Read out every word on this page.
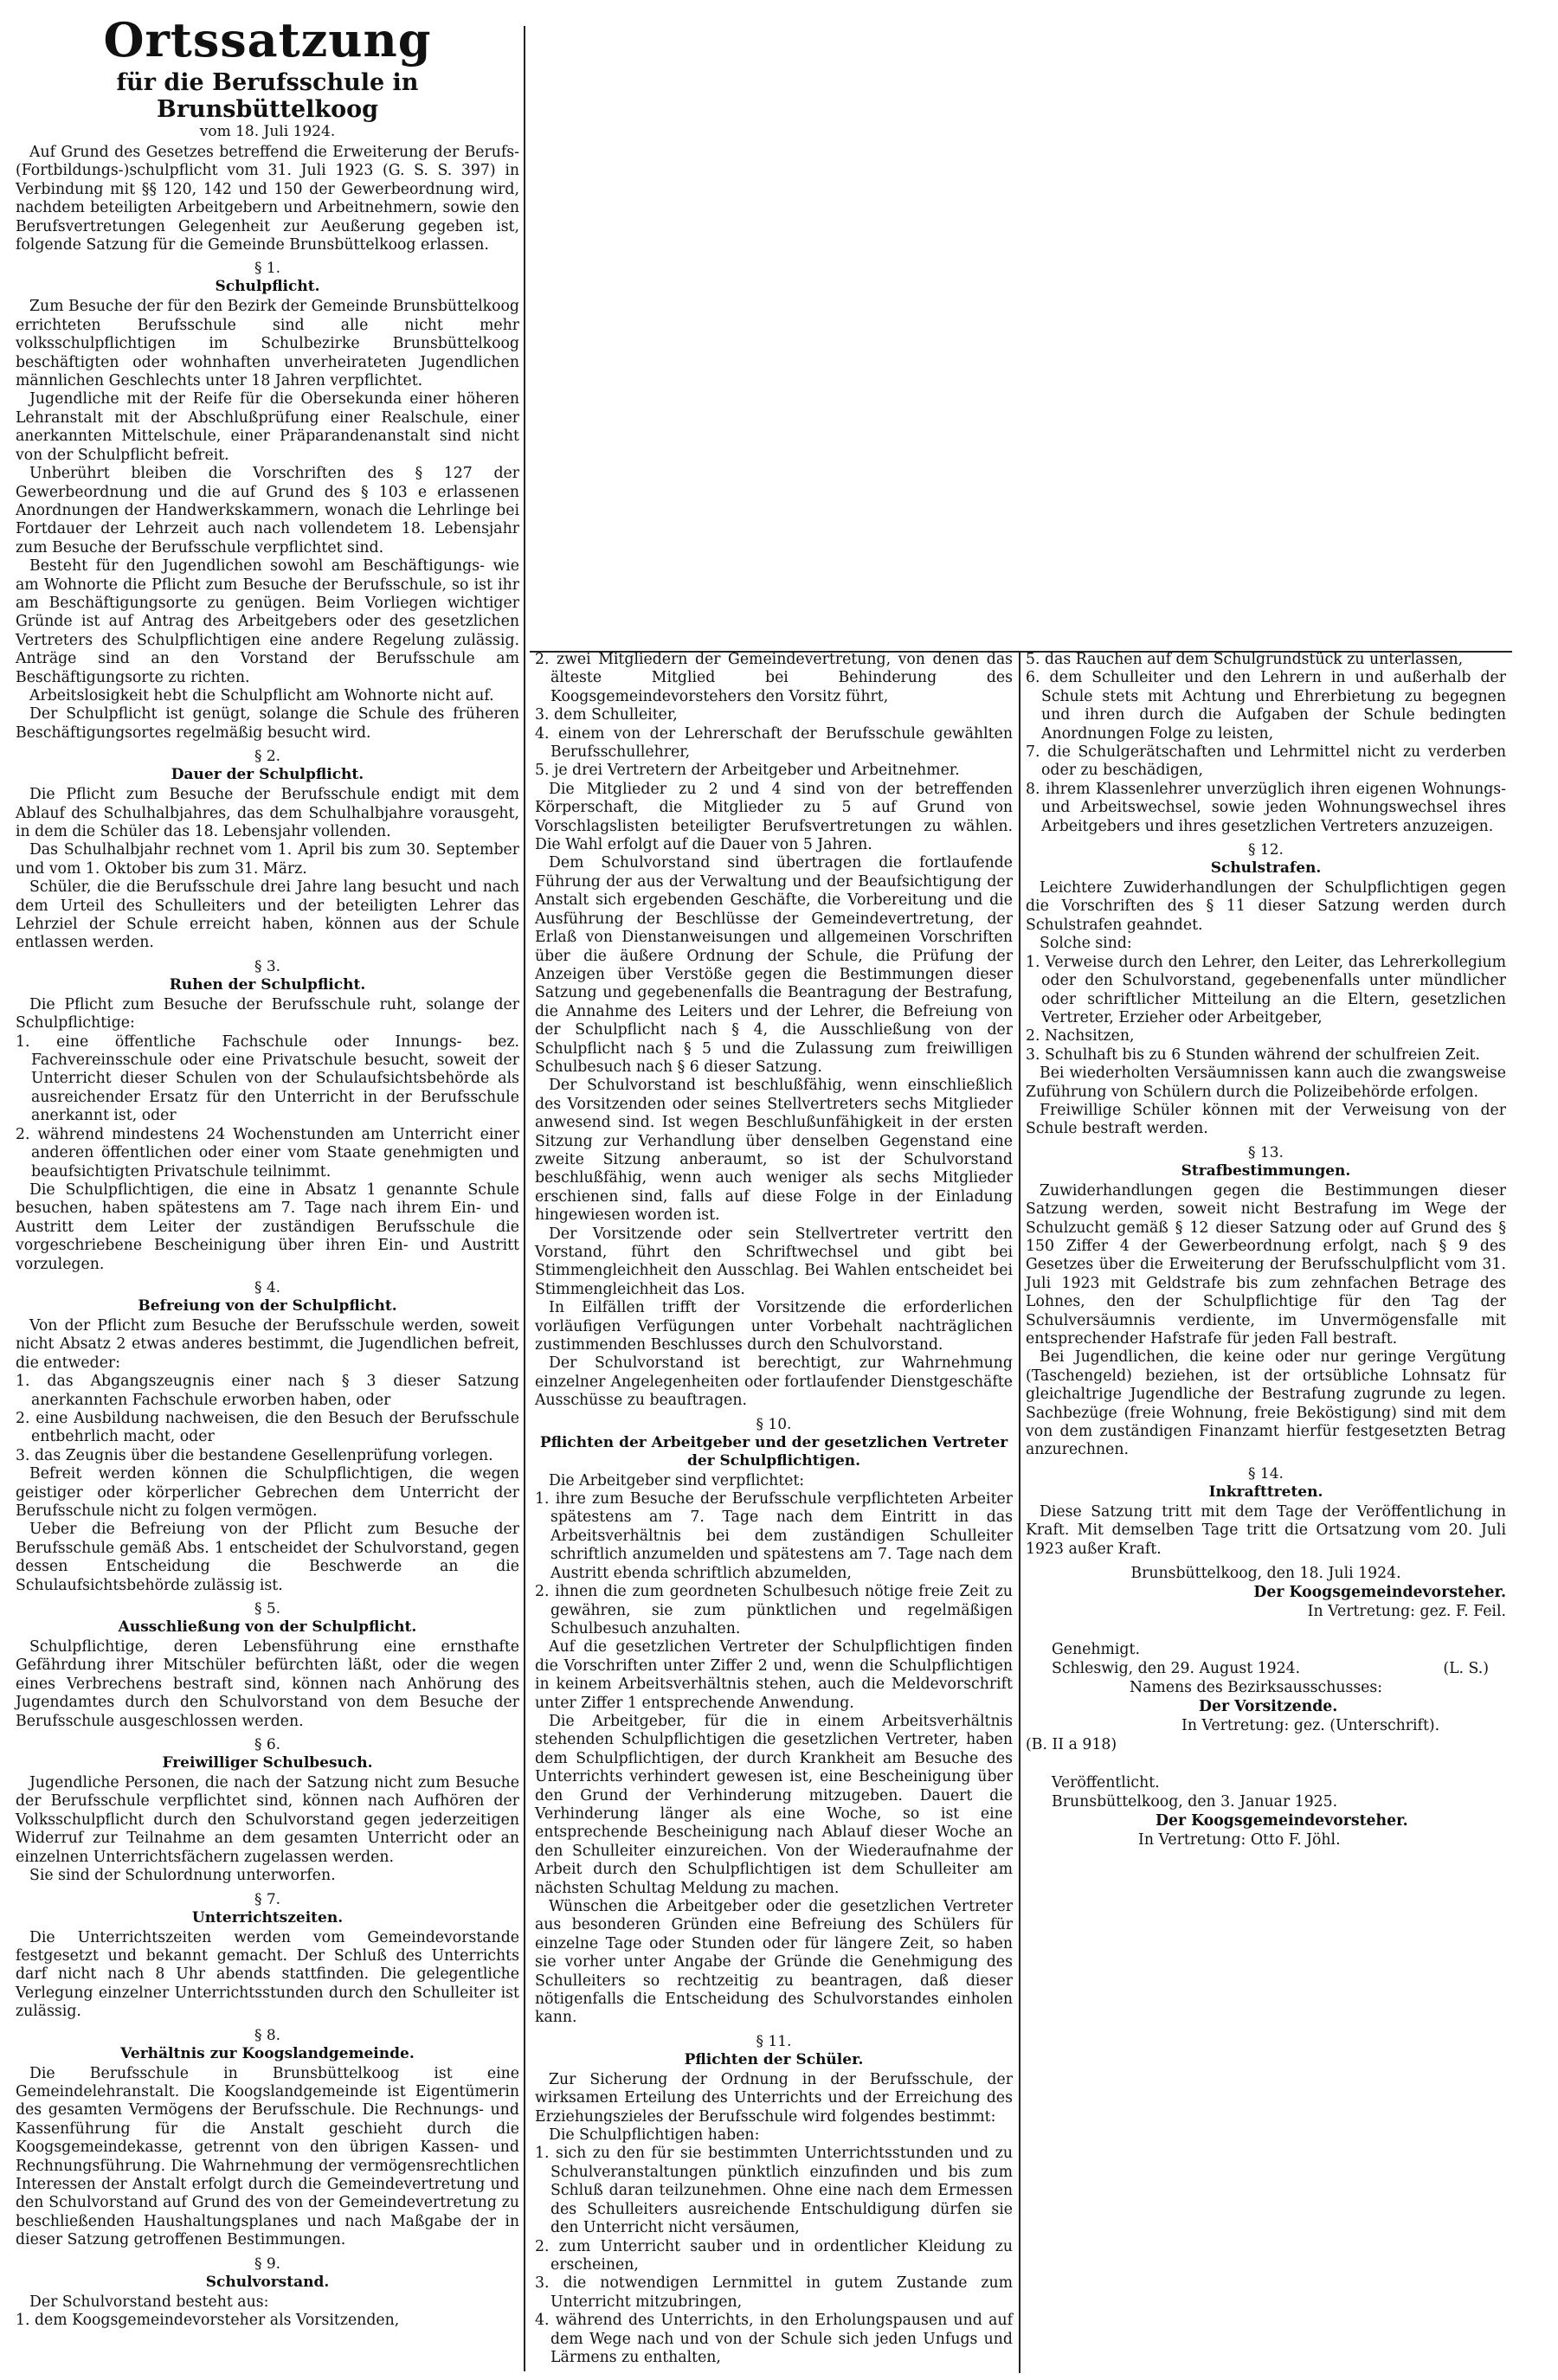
Ortssatzung
für die Berufsschule in Brunsbüttelkoog
vom 18. Juli 1924.

Auf Grund des Gesetzes betreffend die Erweiterung der Berufs-(Fortbildungs-)schulpflicht vom 31. Juli 1923 (G. S. S. 397) in Verbindung mit §§ 120, 142 und 150 der Gewerbeordnung wird, nachdem beteiligten Arbeitgebern und Arbeitnehmern, sowie den Berufsvertretungen Gelegenheit zur Aeußerung gegeben ist, folgende Satzung für die Gemeinde Brunsbüttelkoog erlassen.

§ 1.
Schulpflicht.

Zum Besuche der für den Bezirk der Gemeinde Brunsbüttelkoog errichteten Berufsschule sind alle nicht mehr volksschulpflichtigen im Schulbezirke Brunsbüttelkoog beschäftigten oder wohnhaften unverheirateten Jugendlichen männlichen Geschlechts unter 18 Jahren verpflichtet.

Jugendliche mit der Reife für die Obersekunda einer höheren Lehranstalt mit der Abschlußprüfung einer Realschule, einer anerkannten Mittelschule, einer Präparandenanstalt sind nicht von der Schulpflicht befreit.

Unberührt bleiben die Vorschriften des § 127 der Gewerbeordnung und die auf Grund des § 103 e erlassenen Anordnungen der Handwerkskammern, wonach die Lehrlinge bei Fortdauer der Lehrzeit auch nach vollendetem 18. Lebensjahr zum Besuche der Berufsschule verpflichtet sind.

Besteht für den Jugendlichen sowohl am Beschäftigungs- wie am Wohnorte die Pflicht zum Besuche der Berufsschule, so ist ihr am Beschäftigungsorte zu genügen. Beim Vorliegen wichtiger Gründe ist auf Antrag des Arbeitgebers oder des gesetzlichen Vertreters des Schulpflichtigen eine andere Regelung zulässig. Anträge sind an den Vorstand der Berufsschule am Beschäftigungsorte zu richten.

Arbeitslosigkeit hebt die Schulpflicht am Wohnorte nicht auf.

Der Schulpflicht ist genügt, solange die Schule des früheren Beschäftigungsortes regelmäßig besucht wird.

§ 2.
Dauer der Schulpflicht.

Die Pflicht zum Besuche der Berufsschule endigt mit dem Ablauf des Schulhalbjahres, das dem Schulhalbjahre vorausgeht, in dem die Schüler das 18. Lebensjahr vollenden.

Das Schulhalbjahr rechnet vom 1. April bis zum 30. September und vom 1. Oktober bis zum 31. März.

Schüler, die die Berufsschule drei Jahre lang besucht und nach dem Urteil des Schulleiters und der beteiligten Lehrer das Lehrziel der Schule erreicht haben, können aus der Schule entlassen werden.

§ 3.
Ruhen der Schulpflicht.

Die Pflicht zum Besuche der Berufsschule ruht, solange der Schulpflichtige:

1. eine öffentliche Fachschule oder Innungs- bez. Fachvereinsschule oder eine Privatschule besucht, soweit der Unterricht dieser Schulen von der Schulaufsichtsbehörde als ausreichender Ersatz für den Unterricht in der Berufsschule anerkannt ist, oder

2. während mindestens 24 Wochenstunden am Unterricht einer anderen öffentlichen oder einer vom Staate genehmigten und beaufsichtigten Privatschule teilnimmt.

Die Schulpflichtigen, die eine in Absatz 1 genannte Schule besuchen, haben spätestens am 7. Tage nach ihrem Ein- und Austritt dem Leiter der zuständigen Berufsschule die vorgeschriebene Bescheinigung über ihren Ein- und Austritt vorzulegen.

§ 4.
Befreiung von der Schulpflicht.

Von der Pflicht zum Besuche der Berufsschule werden, soweit nicht Absatz 2 etwas anderes bestimmt, die Jugendlichen befreit, die entweder:

1. das Abgangszeugnis einer nach § 3 dieser Satzung anerkannten Fachschule erworben haben, oder

2. eine Ausbildung nachweisen, die den Besuch der Berufsschule entbehrlich macht, oder

3. das Zeugnis über die bestandene Gesellenprüfung vorlegen.

Befreit werden können die Schulpflichtigen, die wegen geistiger oder körperlicher Gebrechen dem Unterricht der Berufsschule nicht zu folgen vermögen.

Ueber die Befreiung von der Pflicht zum Besuche der Berufsschule gemäß Abs. 1 entscheidet der Schulvorstand, gegen dessen Entscheidung die Beschwerde an die Schulaufsichtsbehörde zulässig ist.

§ 5.
Ausschließung von der Schulpflicht.

Schulpflichtige, deren Lebensführung eine ernsthafte Gefährdung ihrer Mitschüler befürchten läßt, oder die wegen eines Verbrechens bestraft sind, können nach Anhörung des Jugendamtes durch den Schulvorstand von dem Besuche der Berufsschule ausgeschlossen werden.

§ 6.
Freiwilliger Schulbesuch.

Jugendliche Personen, die nach der Satzung nicht zum Besuche der Berufsschule verpflichtet sind, können nach Aufhören der Volksschulpflicht durch den Schulvorstand gegen jederzeitigen Widerruf zur Teilnahme an dem gesamten Unterricht oder an einzelnen Unterrichtsfächern zugelassen werden.

Sie sind der Schulordnung unterworfen.

§ 7.
Unterrichtszeiten.

Die Unterrichtszeiten werden vom Gemeindevorstande festgesetzt und bekannt gemacht. Der Schluß des Unterrichts darf nicht nach 8 Uhr abends stattfinden. Die gelegentliche Verlegung einzelner Unterrichtsstunden durch den Schulleiter ist zulässig.

§ 8.
Verhältnis zur Koogslandgemeinde.

Die Berufsschule in Brunsbüttelkoog ist eine Gemeindelehranstalt. Die Koogslandgemeinde ist Eigentümerin des gesamten Vermögens der Berufsschule. Die Rechnungs- und Kassenführung für die Anstalt geschieht durch die Koogsgemeindekasse, getrennt von den übrigen Kassen- und Rechnungsführung. Die Wahrnehmung der vermögensrechtlichen Interessen der Anstalt erfolgt durch die Gemeindevertretung und den Schulvorstand auf Grund des von der Gemeindevertretung zu beschließenden Haushaltungsplanes und nach Maßgabe der in dieser Satzung getroffenen Bestimmungen.

§ 9.
Schulvorstand.

Der Schulvorstand besteht aus:

1. dem Koogsgemeindevorsteher als Vorsitzenden,

2. zwei Mitgliedern der Gemeindevertretung, von denen das älteste Mitglied bei Behinderung des Koogsgemeindevorstehers den Vorsitz führt,

3. dem Schulleiter,

4. einem von der Lehrerschaft der Berufsschule gewählten Berufsschullehrer,

5. je drei Vertretern der Arbeitgeber und Arbeitnehmer.

Die Mitglieder zu 2 und 4 sind von der betreffenden Körperschaft, die Mitglieder zu 5 auf Grund von Vorschlagslisten beteiligter Berufsvertretungen zu wählen. Die Wahl erfolgt auf die Dauer von 5 Jahren.

Dem Schulvorstand sind übertragen die fortlaufende Führung der aus der Verwaltung und der Beaufsichtigung der Anstalt sich ergebenden Geschäfte, die Vorbereitung und die Ausführung der Beschlüsse der Gemeindevertretung, der Erlaß von Dienstanweisungen und allgemeinen Vorschriften über die äußere Ordnung der Schule, die Prüfung der Anzeigen über Verstöße gegen die Bestimmungen dieser Satzung und gegebenenfalls die Beantragung der Bestrafung, die Annahme des Leiters und der Lehrer, die Befreiung von der Schulpflicht nach § 4, die Ausschließung von der Schulpflicht nach § 5 und die Zulassung zum freiwilligen Schulbesuch nach § 6 dieser Satzung.

Der Schulvorstand ist beschlußfähig, wenn einschließlich des Vorsitzenden oder seines Stellvertreters sechs Mitglieder anwesend sind. Ist wegen Beschlußunfähigkeit in der ersten Sitzung zur Verhandlung über denselben Gegenstand eine zweite Sitzung anberaumt, so ist der Schulvorstand beschlußfähig, wenn auch weniger als sechs Mitglieder erschienen sind, falls auf diese Folge in der Einladung hingewiesen worden ist.

Der Vorsitzende oder sein Stellvertreter vertritt den Vorstand, führt den Schriftwechsel und gibt bei Stimmengleichheit den Ausschlag. Bei Wahlen entscheidet bei Stimmengleichheit das Los.

In Eilfällen trifft der Vorsitzende die erforderlichen vorläufigen Verfügungen unter Vorbehalt nachträglichen zustimmenden Beschlusses durch den Schulvorstand.

Der Schulvorstand ist berechtigt, zur Wahrnehmung einzelner Angelegenheiten oder fortlaufender Dienstgeschäfte Ausschüsse zu beauftragen.

§ 10.
Pflichten der Arbeitgeber und der gesetzlichen Vertreter der Schulpflichtigen.

Die Arbeitgeber sind verpflichtet:

1. ihre zum Besuche der Berufsschule verpflichteten Arbeiter spätestens am 7. Tage nach dem Eintritt in das Arbeitsverhältnis bei dem zuständigen Schulleiter schriftlich anzumelden und spätestens am 7. Tage nach dem Austritt ebenda schriftlich abzumelden,

2. ihnen die zum geordneten Schulbesuch nötige freie Zeit zu gewähren, sie zum pünktlichen und regelmäßigen Schulbesuch anzuhalten.

Auf die gesetzlichen Vertreter der Schulpflichtigen finden die Vorschriften unter Ziffer 2 und, wenn die Schulpflichtigen in keinem Arbeitsverhältnis stehen, auch die Meldevorschrift unter Ziffer 1 entsprechende Anwendung.

Die Arbeitgeber, für die in einem Arbeitsverhältnis stehenden Schulpflichtigen die gesetzlichen Vertreter, haben dem Schulpflichtigen, der durch Krankheit am Besuche des Unterrichts verhindert gewesen ist, eine Bescheinigung über den Grund der Verhinderung mitzugeben. Dauert die Verhinderung länger als eine Woche, so ist eine entsprechende Bescheinigung nach Ablauf dieser Woche an den Schulleiter einzureichen. Von der Wiederaufnahme der Arbeit durch den Schulpflichtigen ist dem Schulleiter am nächsten Schultag Meldung zu machen.

Wünschen die Arbeitgeber oder die gesetzlichen Vertreter aus besonderen Gründen eine Befreiung des Schülers für einzelne Tage oder Stunden oder für längere Zeit, so haben sie vorher unter Angabe der Gründe die Genehmigung des Schulleiters so rechtzeitig zu beantragen, daß dieser nötigenfalls die Entscheidung des Schulvorstandes einholen kann.

§ 11.
Pflichten der Schüler.

Zur Sicherung der Ordnung in der Berufsschule, der wirksamen Erteilung des Unterrichts und der Erreichung des Erziehungszieles der Berufsschule wird folgendes bestimmt:

Die Schulpflichtigen haben:

1. sich zu den für sie bestimmten Unterrichtsstunden und zu Schulveranstaltungen pünktlich einzufinden und bis zum Schluß daran teilzunehmen. Ohne eine nach dem Ermessen des Schulleiters ausreichende Entschuldigung dürfen sie den Unterricht nicht versäumen,

2. zum Unterricht sauber und in ordentlicher Kleidung zu erscheinen,

3. die notwendigen Lernmittel in gutem Zustande zum Unterricht mitzubringen,

4. während des Unterrichts, in den Erholungspausen und auf dem Wege nach und von der Schule sich jeden Unfugs und Lärmens zu enthalten,

5. das Rauchen auf dem Schulgrundstück zu unterlassen,

6. dem Schulleiter und den Lehrern in und außerhalb der Schule stets mit Achtung und Ehrerbietung zu begegnen und ihren durch die Aufgaben der Schule bedingten Anordnungen Folge zu leisten,

7. die Schulgerätschaften und Lehrmittel nicht zu verderben oder zu beschädigen,

8. ihrem Klassenlehrer unverzüglich ihren eigenen Wohnungs- und Arbeitswechsel, sowie jeden Wohnungswechsel ihres Arbeitgebers und ihres gesetzlichen Vertreters anzuzeigen.

§ 12.
Schulstrafen.

Leichtere Zuwiderhandlungen der Schulpflichtigen gegen die Vorschriften des § 11 dieser Satzung werden durch Schulstrafen geahndet.

Solche sind:

1. Verweise durch den Lehrer, den Leiter, das Lehrerkollegium oder den Schulvorstand, gegebenenfalls unter mündlicher oder schriftlicher Mitteilung an die Eltern, gesetzlichen Vertreter, Erzieher oder Arbeitgeber,

2. Nachsitzen,

3. Schulhaft bis zu 6 Stunden während der schulfreien Zeit.

Bei wiederholten Versäumnissen kann auch die zwangsweise Zuführung von Schülern durch die Polizeibehörde erfolgen.

Freiwillige Schüler können mit der Verweisung von der Schule bestraft werden.

§ 13.
Strafbestimmungen.

Zuwiderhandlungen gegen die Bestimmungen dieser Satzung werden, soweit nicht Bestrafung im Wege der Schulzucht gemäß § 12 dieser Satzung oder auf Grund des § 150 Ziffer 4 der Gewerbeordnung erfolgt, nach § 9 des Gesetzes über die Erweiterung der Berufsschulpflicht vom 31. Juli 1923 mit Geldstrafe bis zum zehnfachen Betrage des Lohnes, den der Schulpflichtige für den Tag der Schulversäumnis verdiente, im Unvermögensfalle mit entsprechender Hafstrafe für jeden Fall bestraft.

Bei Jugendlichen, die keine oder nur geringe Vergütung (Taschengeld) beziehen, ist der ortsübliche Lohnsatz für gleichaltrige Jugendliche der Bestrafung zugrunde zu legen. Sachbezüge (freie Wohnung, freie Beköstigung) sind mit dem von dem zuständigen Finanzamt hierfür festgesetzten Betrag anzurechnen.

§ 14.
Inkrafttreten.

Diese Satzung tritt mit dem Tage der Veröffentlichung in Kraft. Mit demselben Tage tritt die Ortsatzung vom 20. Juli 1923 außer Kraft.

Brunsbüttelkoog, den 18. Juli 1924.

Der Koogsgemeindevorsteher.

In Vertretung: gez. F. Feil.

Genehmigt.

Schleswig, den 29. August 1924.	(L. S.)

Namens des Bezirksausschusses:

Der Vorsitzende.

In Vertretung: gez. (Unterschrift).

(B. II a 918)

Veröffentlicht.

Brunsbüttelkoog, den 3. Januar 1925.

Der Koogsgemeindevorsteher.

In Vertretung: Otto F. Jöhl.
